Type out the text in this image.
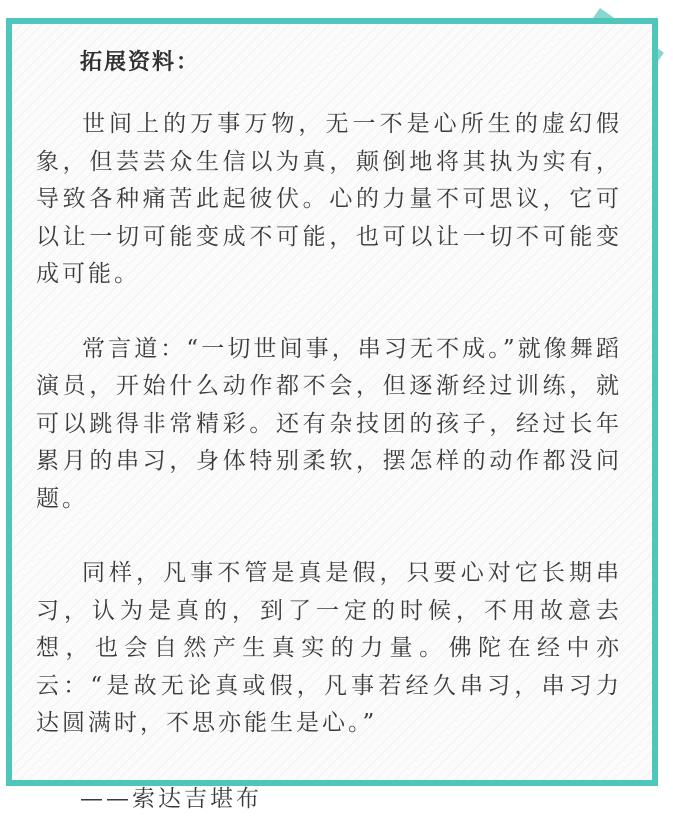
拓展资料：

世间上的万事万物，无一不是心所生的虚幻假象，但芸芸众生信以为真，颠倒地将其执为实有，导致各种痛苦此起彼伏。心的力量不可思议，它可以让一切可能变成不可能，也可以让一切不可能变成可能。

常言道：“一切世间事，串习无不成。”就像舞蹈演员，开始什么动作都不会，但逐渐经过训练，就可以跳得非常精彩。还有杂技团的孩子，经过长年累月的串习，身体特别柔软，摆怎样的动作都没问题。

同样，凡事不管是真是假，只要心对它长期串习，认为是真的，到了一定的时候，不用故意去想，也会自然产生真实的力量。佛陀在经中亦云：“是故无论真或假，凡事若经久串习，串习力达圆满时，不思亦能生是心。”

——索达吉堪布
